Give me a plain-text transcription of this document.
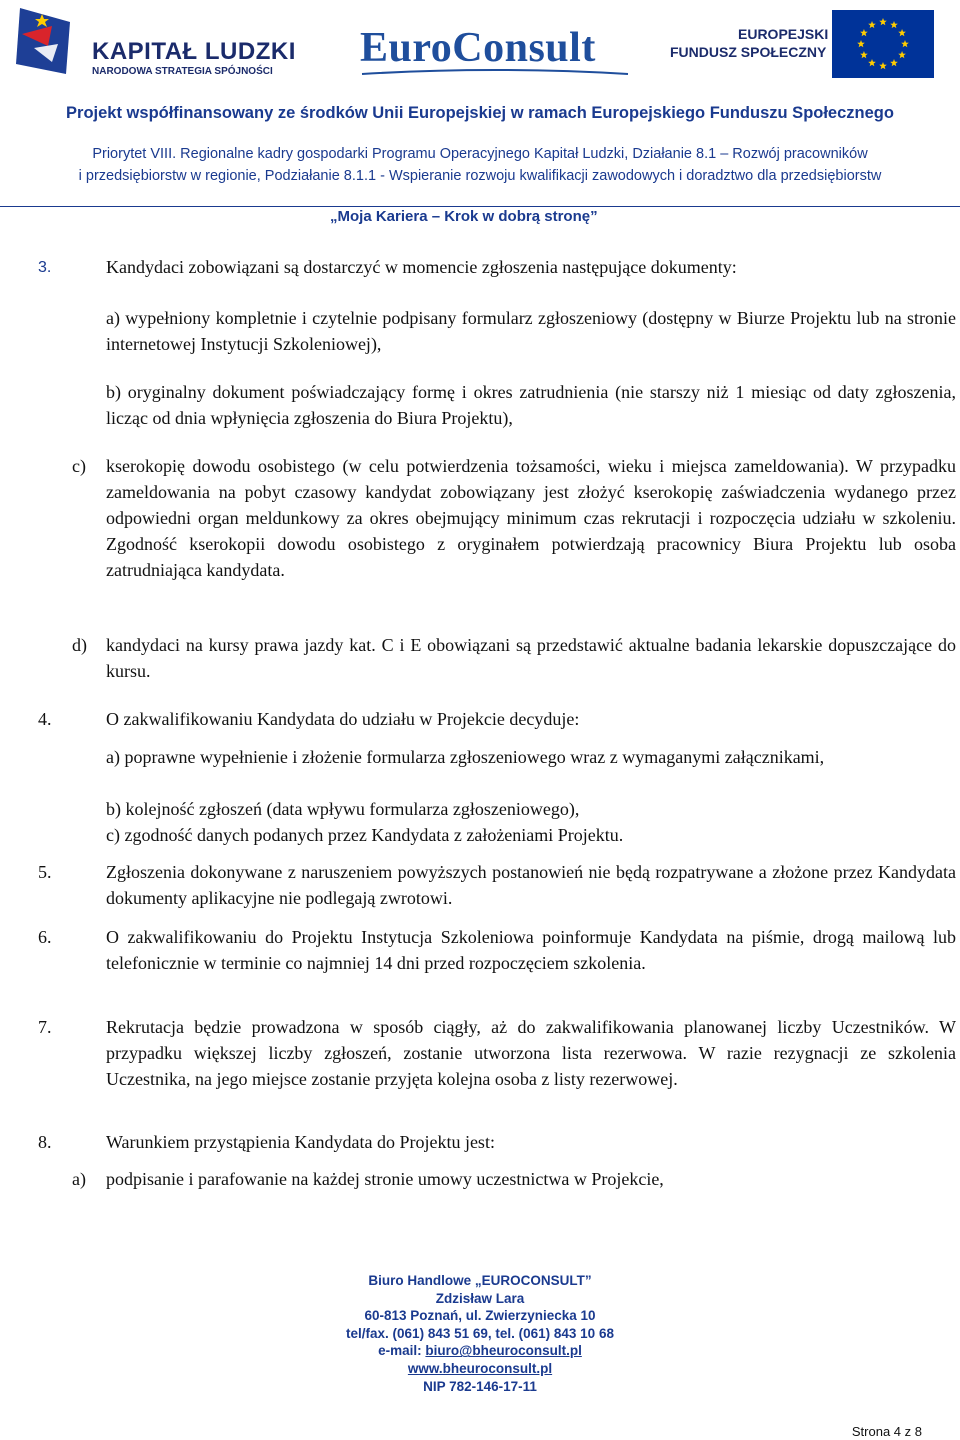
KAPITAŁ LUDZKI
NARODOWA STRATEGIA SPÓJNOŚCI
EuroConsult	EUROPEJSKI
FUNDUSZ SPOŁECZNY
Projekt współfinansowany ze środków Unii Europejskiej w ramach Europejskiego Funduszu Społecznego
Priorytet VIII. Regionalne kadry gospodarki Programu Operacyjnego Kapitał Ludzki, Działanie 8.1 – Rozwój pracowników
i przedsiębiorstw w regionie, Podziałanie 8.1.1 - Wspieranie rozwoju kwalifikacji zawodowych i doradztwo dla przedsiębiorstw
„Moja Kariera – Krok w dobrą stronę”
3.	Kandydaci zobowiązani są dostarczyć w momencie zgłoszenia następujące dokumenty:
a) wypełniony kompletnie i czytelnie podpisany formularz zgłoszeniowy (dostępny w Biurze Projektu lub na stronie internetowej Instytucji Szkoleniowej),
b) oryginalny dokument poświadczający formę i okres zatrudnienia (nie starszy niż 1 miesiąc od daty zgłoszenia, licząc od dnia wpłynięcia zgłoszenia do Biura Projektu),
c) kserokopię dowodu osobistego (w celu potwierdzenia tożsamości, wieku i miejsca zameldowania). W przypadku zameldowania na pobyt czasowy kandydat zobowiązany jest złożyć kserokopię zaświadczenia wydanego przez odpowiedni organ meldunkowy za okres obejmujący minimum czas rekrutacji i rozpoczęcia udziału w szkoleniu. Zgodność kserokopii dowodu osobistego z oryginałem potwierdzają pracownicy Biura Projektu lub osoba zatrudniająca kandydata.
d) kandydaci na kursy prawa jazdy kat. C i E obowiązani są przedstawić aktualne badania lekarskie dopuszczające do kursu.
4.	O zakwalifikowaniu Kandydata do udziału w Projekcie decyduje:
a) poprawne wypełnienie i złożenie formularza zgłoszeniowego wraz z wymaganymi załącznikami,
b) kolejność zgłoszeń (data wpływu formularza zgłoszeniowego),
c) zgodność danych podanych przez Kandydata z założeniami Projektu.
5.	Zgłoszenia dokonywane z naruszeniem powyższych postanowień nie będą rozpatrywane a złożone przez Kandydata dokumenty aplikacyjne nie podlegają zwrotowi.
6.	O zakwalifikowaniu do Projektu Instytucja Szkoleniowa poinformuje Kandydata na piśmie, drogą mailową lub telefonicznie w terminie co najmniej 14 dni przed rozpoczęciem szkolenia.
7.	Rekrutacja będzie prowadzona w sposób ciągły, aż do zakwalifikowania planowanej liczby Uczestników. W przypadku większej liczby zgłoszeń, zostanie utworzona lista rezerwowa. W razie rezygnacji ze szkolenia Uczestnika, na jego miejsce zostanie przyjęta kolejna osoba z listy rezerwowej.
8.	Warunkiem przystąpienia Kandydata do Projektu jest:
a) podpisanie i parafowanie na każdej stronie umowy uczestnictwa w Projekcie,
Biuro Handlowe „EUROCONSULT”
Zdzisław Lara
60-813 Poznań, ul. Zwierzyniecka 10
tel/fax. (061) 843 51 69, tel. (061) 843 10 68
e-mail: biuro@bheuroconsult.pl
www.bheuroconsult.pl
NIP 782-146-17-11
Strona 4 z 8
